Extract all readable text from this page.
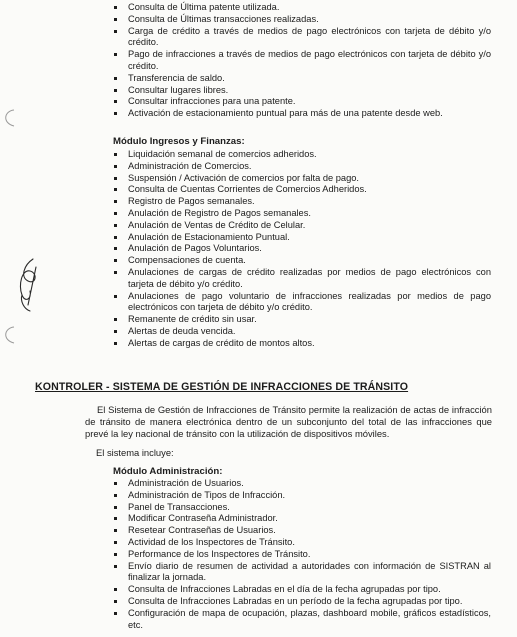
Consulta de Última patente utilizada.
Consulta de Últimas transacciones realizadas.
Carga de crédito a través de medios de pago electrónicos con tarjeta de débito y/o crédito.
Pago de infracciones a través de medios de pago electrónicos con tarjeta de débito y/o crédito.
Transferencia de saldo.
Consultar lugares libres.
Consultar infracciones para una patente.
Activación de estacionamiento puntual para más de una patente desde web.
Módulo Ingresos y Finanzas:
Liquidación semanal de comercios adheridos.
Administración de Comercios.
Suspensión / Activación de comercios por falta de pago.
Consulta de Cuentas Corrientes de Comercios Adheridos.
Registro de Pagos semanales.
Anulación de Registro de Pagos semanales.
Anulación de Ventas de Crédito de Celular.
Anulación de Estacionamiento Puntual.
Anulación de Pagos Voluntarios.
Compensaciones de cuenta.
Anulaciones de cargas de crédito realizadas por medios de pago electrónicos con tarjeta de débito y/o crédito.
Anulaciones de pago voluntario de infracciones realizadas por medios de pago electrónicos con tarjeta de débito y/o crédito.
Remanente de crédito sin usar.
Alertas de deuda vencida.
Alertas de cargas de crédito de montos altos.
KONTROLER - SISTEMA DE GESTIÓN DE INFRACCIONES DE TRÁNSITO

El Sistema de Gestión de Infracciones de Tránsito permite la realización de actas de infracción de tránsito de manera electrónica dentro de un subconjunto del total de las infracciones que prevé la ley nacional de tránsito con la utilización de dispositivos móviles.

El sistema incluye:
Módulo Administración:
Administración de Usuarios.
Administración de Tipos de Infracción.
Panel de Transacciones.
Modificar Contraseña Administrador.
Resetear Contraseñas de Usuarios.
Actividad de los Inspectores de Tránsito.
Performance de los Inspectores de Tránsito.
Envío diario de resumen de actividad a autoridades con información de SISTRAN al finalizar la jornada.
Consulta de Infracciones Labradas en el día de la fecha agrupadas por tipo.
Consulta de Infracciones Labradas en un período de la fecha agrupadas por tipo.
Configuración de mapa de ocupación, plazas, dashboard mobile, gráficos estadísticos, etc.
